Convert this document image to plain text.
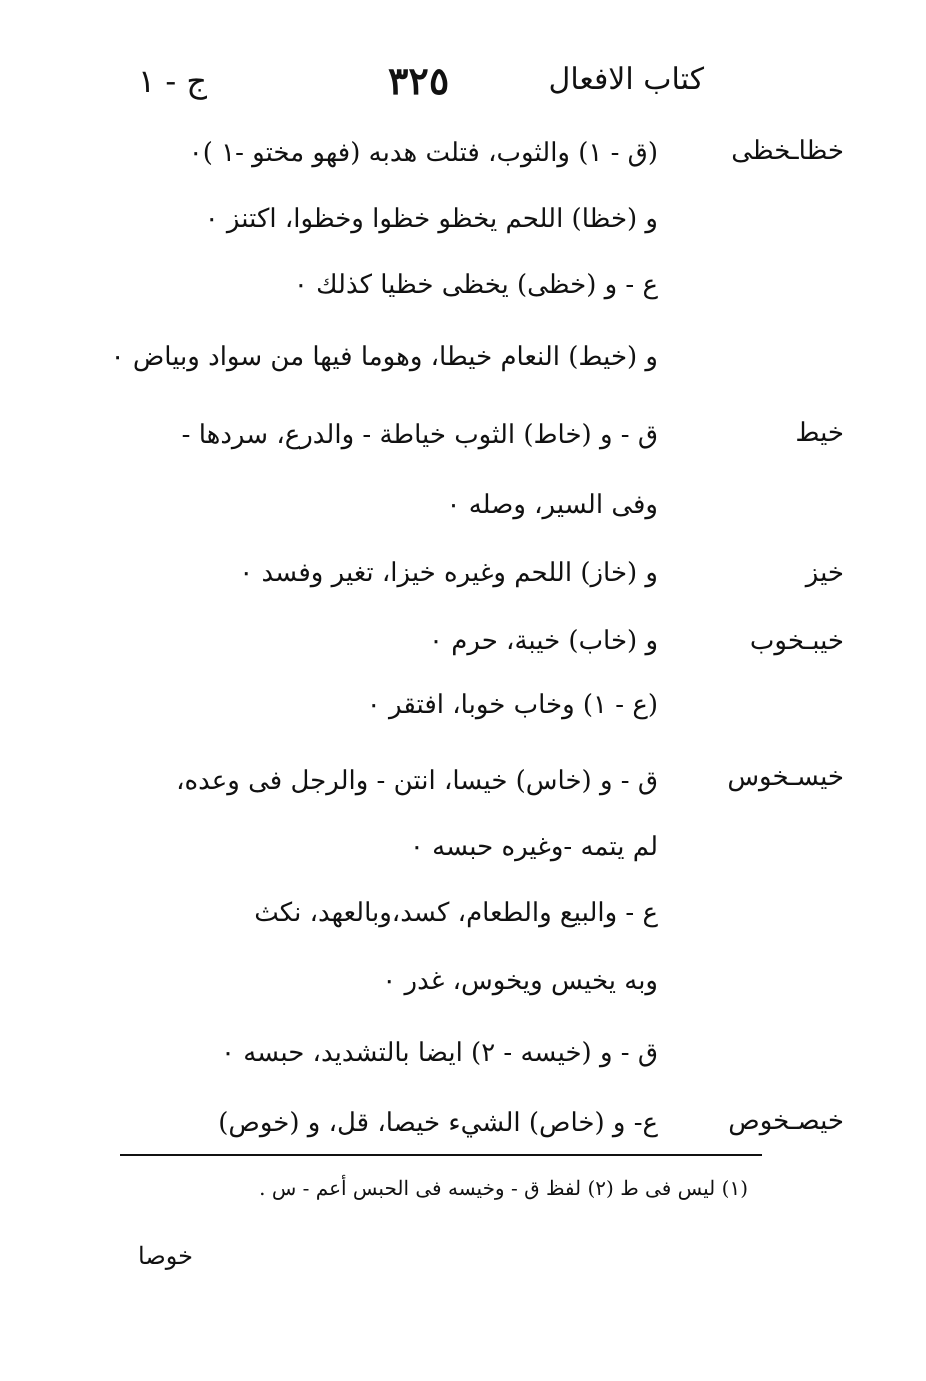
كتاب الافعال
٣٢٥
ج - ١
خظاـخظى
(ق - ١) والثوب، فتلت هدبه (فهو مختو -١ )٠
و (خظا) اللحم يخظو خظوا وخظوا، اكتنز ٠
ع - و (خظى) يخظى خظيا كذلك ٠
و (خيط) النعام خيطا، وهوما فيها من سواد وبياض ٠
خيط
ق - و (خاط) الثوب خياطة - والدرع، سردها -
وفى السير، وصله ٠
خيز
و (خاز) اللحم وغيره خيزا، تغير وفسد ٠
خيبـخوب
و (خاب) خيبة، حرم ٠
(ع - ١) وخاب خوبا، افتقر ٠
خيسـخوس
ق - و (خاس) خيسا، انتن - والرجل فى وعده،
لم يتمه -وغيره حبسه ٠
ع - والبيع والطعام، كسد،وبالعهد، نكث
وبه يخيس ويخوس، غدر ٠
ق - و (خيسه - ٢) ايضا بالتشديد، حبسه ٠
خيصـخوص
ع- و (خاص) الشيء خيصا، قل، و (خوص)
(١) ليس فى ط (٢) لفظ ق - وخيسه فى الحبس أعم - س .
خوصا
